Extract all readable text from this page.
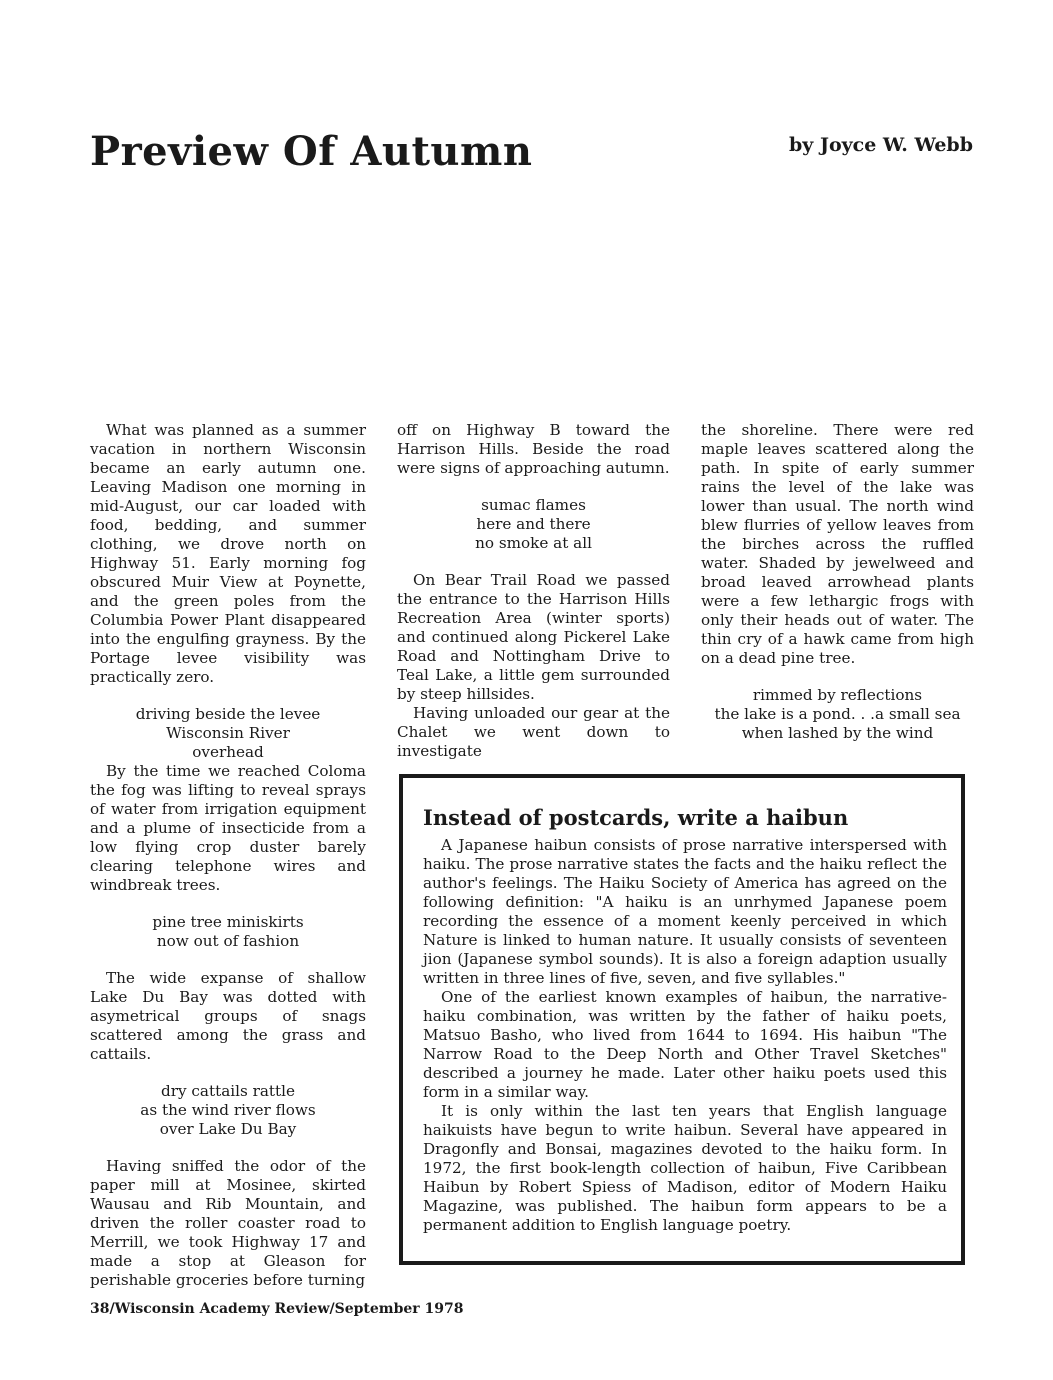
Preview Of Autumn	by Joyce W. Webb

What was planned as a summer vacation in northern Wisconsin became an early autumn one. Leaving Madison one morning in mid-August, our car loaded with food, bedding, and summer clothing, we drove north on Highway 51. Early morning fog obscured Muir View at Poynette, and the green poles from the Columbia Power Plant disappeared into the engulfing grayness. By the Portage levee visibility was practically zero.

driving beside the levee
Wisconsin River
overhead

By the time we reached Coloma the fog was lifting to reveal sprays of water from irrigation equipment and a plume of insecticide from a low flying crop duster barely clearing telephone wires and windbreak trees.

pine tree miniskirts
now out of fashion

The wide expanse of shallow Lake Du Bay was dotted with asymetrical groups of snags scattered among the grass and cattails.

dry cattails rattle
as the wind river flows
over Lake Du Bay

Having sniffed the odor of the paper mill at Mosinee, skirted Wausau and Rib Mountain, and driven the roller coaster road to Merrill, we took Highway 17 and made a stop at Gleason for perishable groceries before turning

off on Highway B toward the Harrison Hills. Beside the road were signs of approaching autumn.

sumac flames
here and there
no smoke at all

On Bear Trail Road we passed the entrance to the Harrison Hills Recreation Area (winter sports) and continued along Pickerel Lake Road and Nottingham Drive to Teal Lake, a little gem surrounded by steep hillsides.

Having unloaded our gear at the Chalet we went down to investigate

the shoreline. There were red maple leaves scattered along the path. In spite of early summer rains the level of the lake was lower than usual. The north wind blew flurries of yellow leaves from the birches across the ruffled water. Shaded by jewelweed and broad leaved arrowhead plants were a few lethargic frogs with only their heads out of water. The thin cry of a hawk came from high on a dead pine tree.

rimmed by reflections
the lake is a pond. . .a small sea
when lashed by the wind
Instead of postcards, write a haibun

A Japanese haibun consists of prose narrative interspersed with haiku. The prose narrative states the facts and the haiku reflect the author's feelings. The Haiku Society of America has agreed on the following definition: "A haiku is an unrhymed Japanese poem recording the essence of a moment keenly perceived in which Nature is linked to human nature. It usually consists of seventeen jion (Japanese symbol sounds). It is also a foreign adaption usually written in three lines of five, seven, and five syllables."

One of the earliest known examples of haibun, the narrative-haiku combination, was written by the father of haiku poets, Matsuo Basho, who lived from 1644 to 1694. His haibun "The Narrow Road to the Deep North and Other Travel Sketches" described a journey he made. Later other haiku poets used this form in a similar way.

It is only within the last ten years that English language haikuists have begun to write haibun. Several have appeared in Dragonfly and Bonsai, magazines devoted to the haiku form. In 1972, the first book-length collection of haibun, Five Caribbean Haibun by Robert Spiess of Madison, editor of Modern Haiku Magazine, was published. The haibun form appears to be a permanent addition to English language poetry.

38/Wisconsin Academy Review/September 1978
